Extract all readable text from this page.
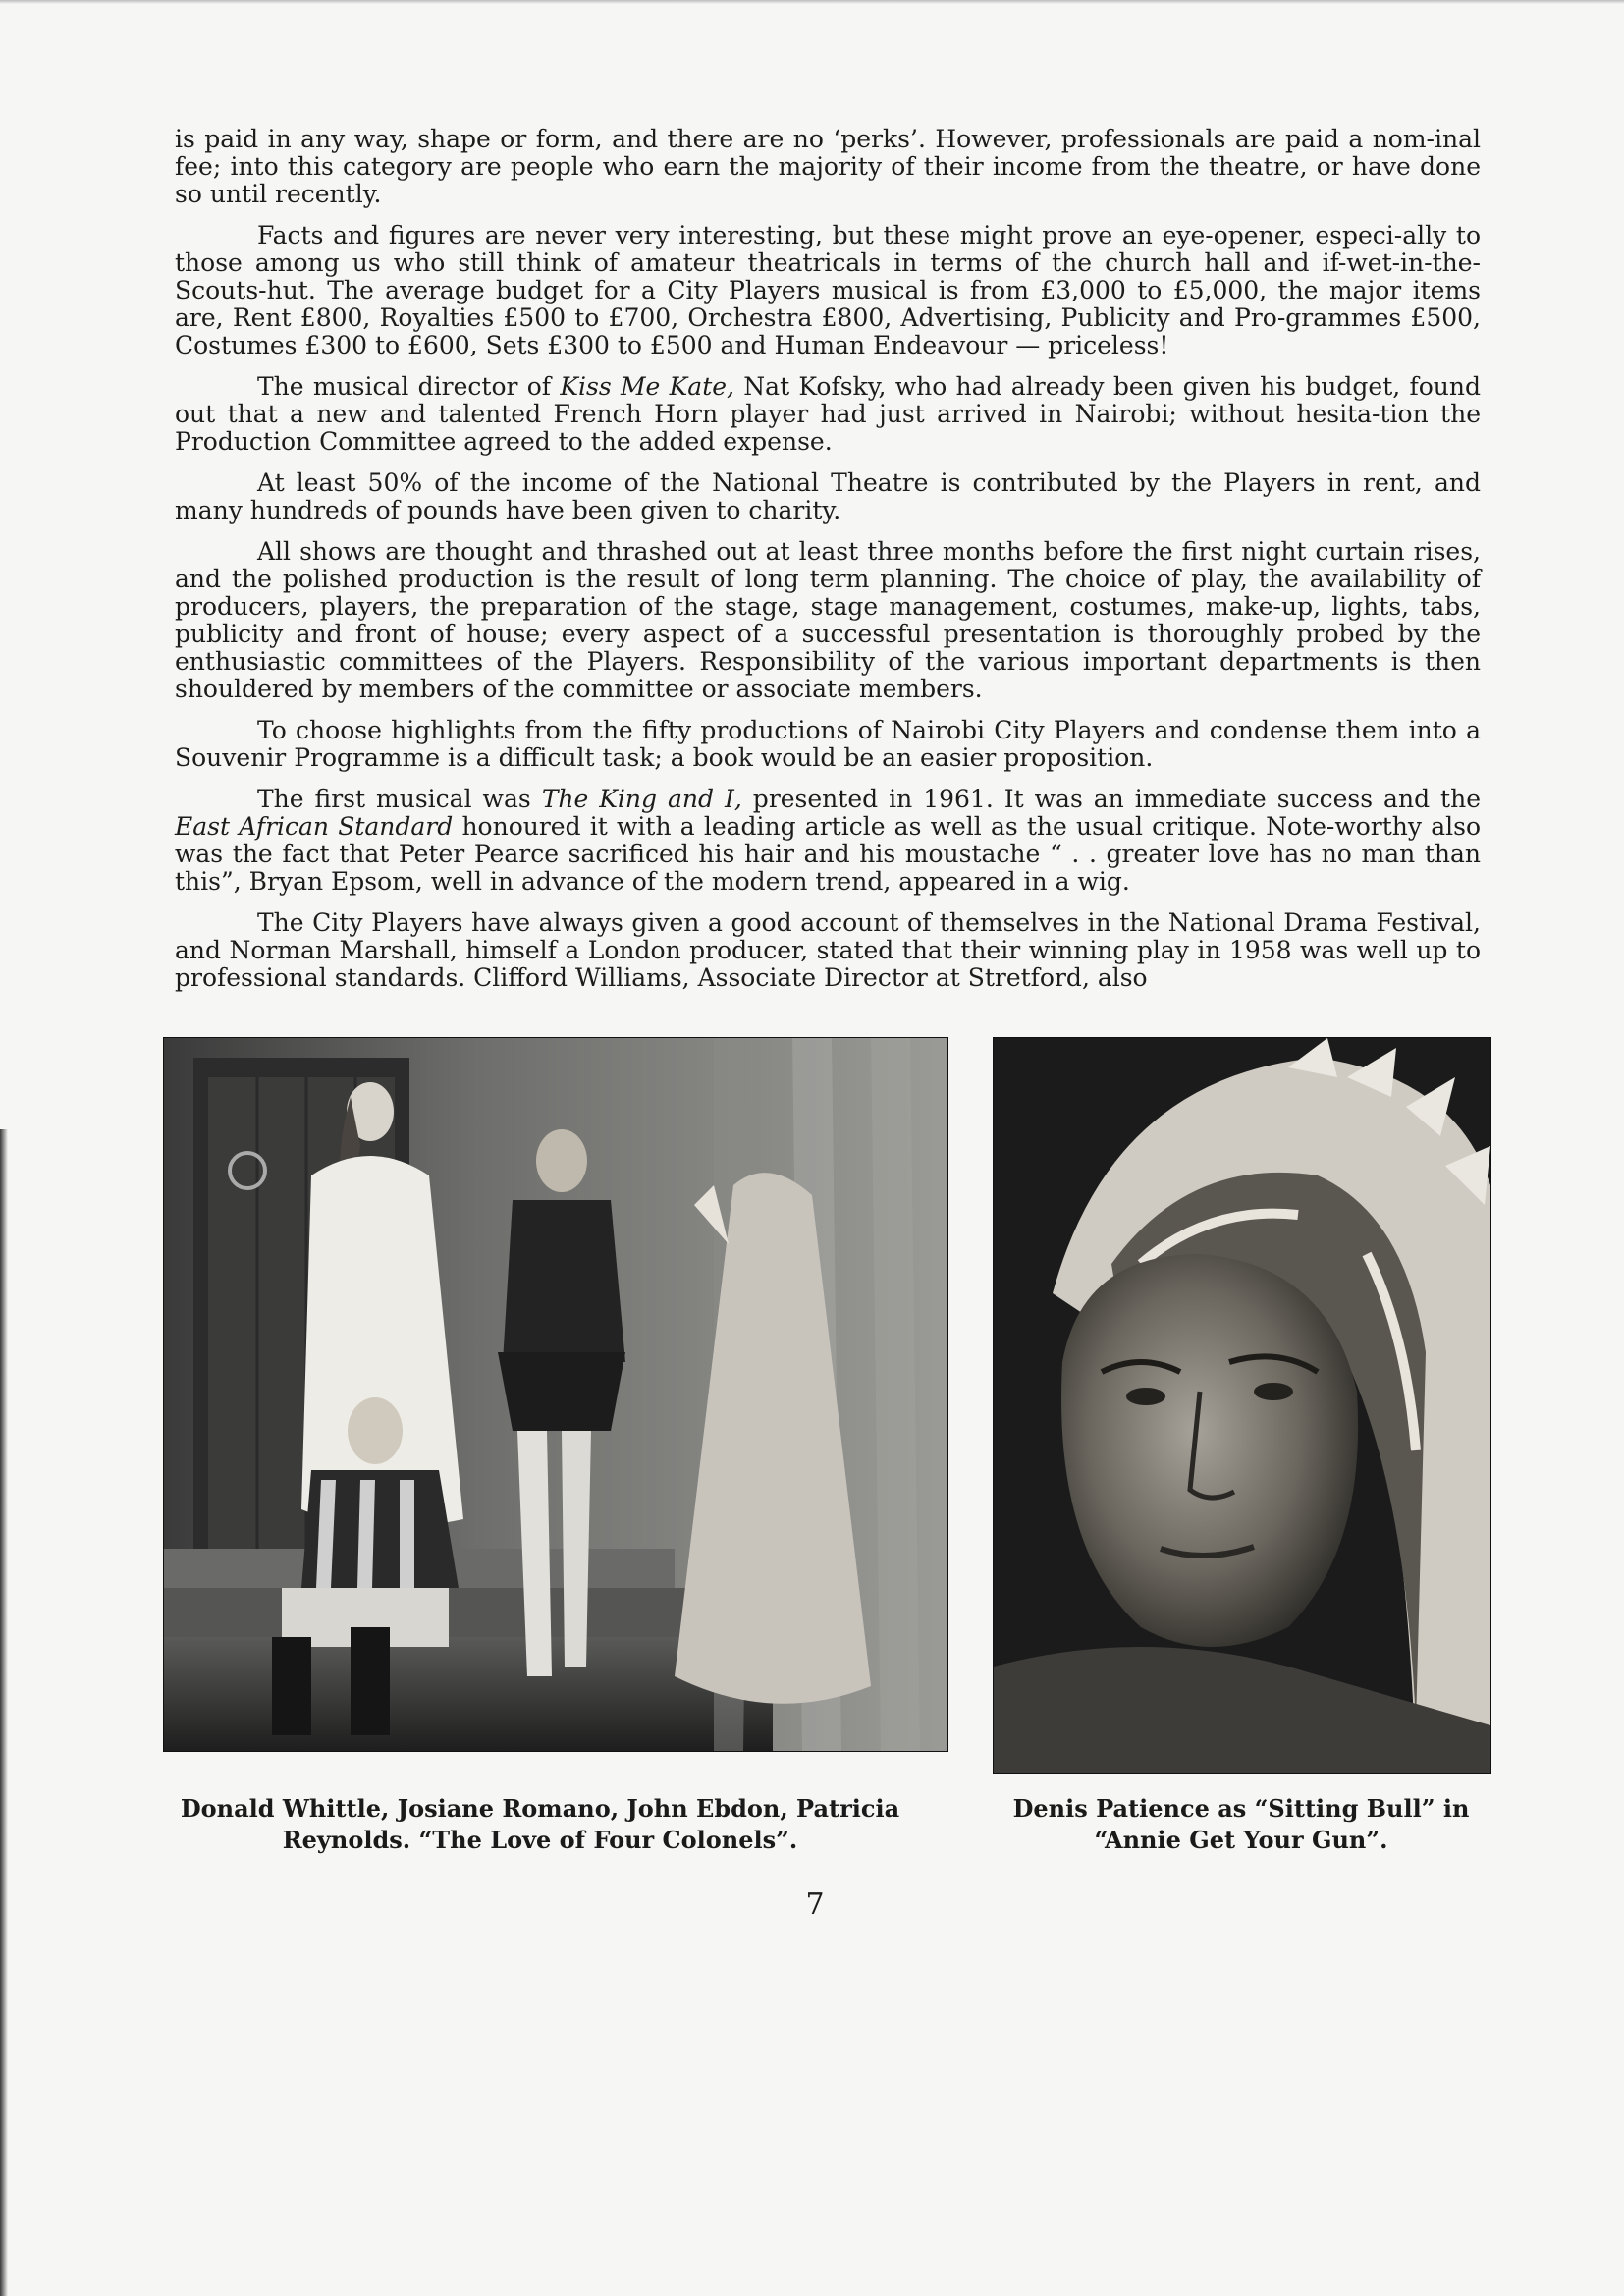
is paid in any way, shape or form, and there are no ‘perks’. However, professionals are paid a nom-inal fee; into this category are people who earn the majority of their income from the theatre, or have done so until recently.

Facts and figures are never very interesting, but these might prove an eye-opener, especi-ally to those among us who still think of amateur theatricals in terms of the church hall and if-wet-in-the-Scouts-hut. The average budget for a City Players musical is from £3,000 to £5,000, the major items are, Rent £800, Royalties £500 to £700, Orchestra £800, Advertising, Publicity and Pro-grammes £500, Costumes £300 to £600, Sets £300 to £500 and Human Endeavour — priceless!

The musical director of Kiss Me Kate, Nat Kofsky, who had already been given his budget, found out that a new and talented French Horn player had just arrived in Nairobi; without hesita-tion the Production Committee agreed to the added expense.

At least 50% of the income of the National Theatre is contributed by the Players in rent, and many hundreds of pounds have been given to charity.

All shows are thought and thrashed out at least three months before the first night curtain rises, and the polished production is the result of long term planning. The choice of play, the availability of producers, players, the preparation of the stage, stage management, costumes, make-up, lights, tabs, publicity and front of house; every aspect of a successful presentation is thoroughly probed by the enthusiastic committees of the Players. Responsibility of the various important departments is then shouldered by members of the committee or associate members.

To choose highlights from the fifty productions of Nairobi City Players and condense them into a Souvenir Programme is a difficult task; a book would be an easier proposition.

The first musical was The King and I, presented in 1961. It was an immediate success and the East African Standard honoured it with a leading article as well as the usual critique. Note-worthy also was the fact that Peter Pearce sacrificed his hair and his moustache “ . . greater love has no man than this”, Bryan Epsom, well in advance of the modern trend, appeared in a wig.

The City Players have always given a good account of themselves in the National Drama Festival, and Norman Marshall, himself a London producer, stated that their winning play in 1958 was well up to professional standards. Clifford Williams, Associate Director at Stretford, also

Donald Whittle, Josiane Romano, John Ebdon, Patricia Reynolds. “The Love of Four Colonels”.
Denis Patience as “Sitting Bull” in “Annie Get Your Gun”.
7
